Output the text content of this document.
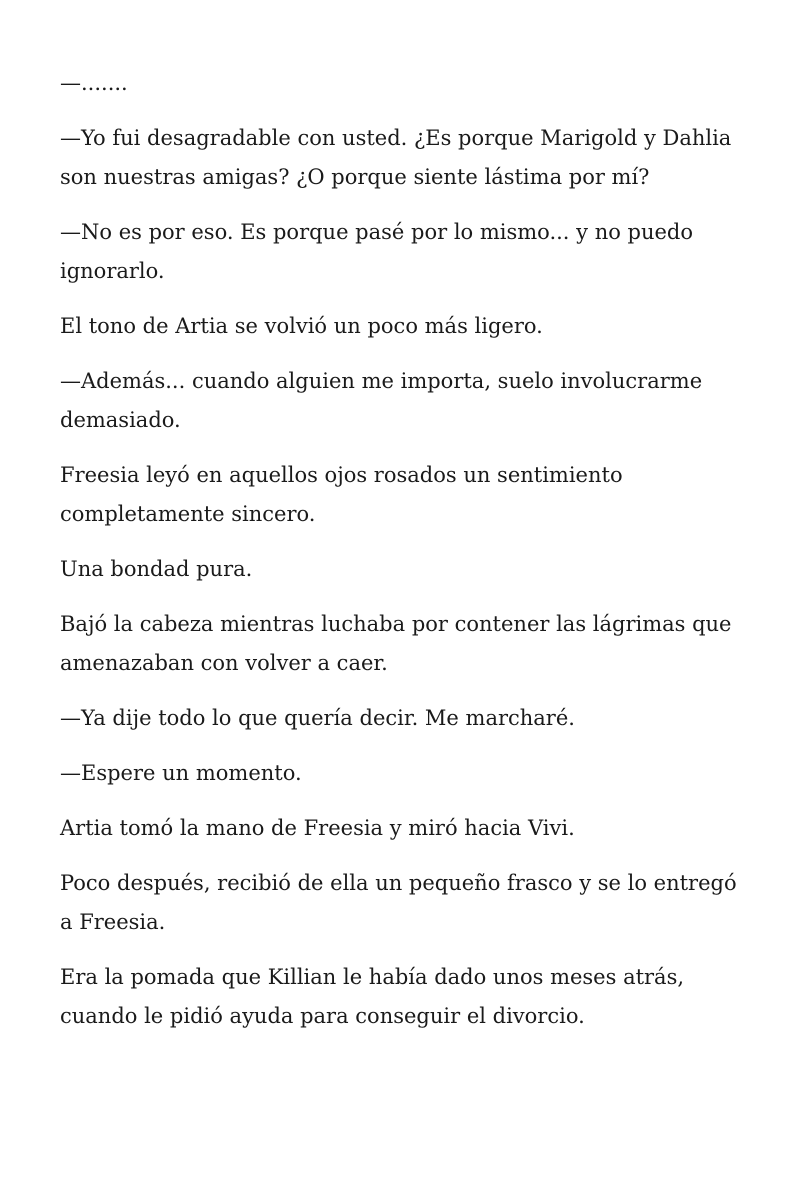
—.......

—Yo fui desagradable con usted. ¿Es porque Marigold y Dahlia son nuestras amigas? ¿O porque siente lástima por mí?

—No es por eso. Es porque pasé por lo mismo... y no puedo ignorarlo.

El tono de Artia se volvió un poco más ligero.

—Además... cuando alguien me importa, suelo involucrarme demasiado.

Freesia leyó en aquellos ojos rosados un sentimiento completamente sincero.

Una bondad pura.

Bajó la cabeza mientras luchaba por contener las lágrimas que amenazaban con volver a caer.

—Ya dije todo lo que quería decir. Me marcharé.

—Espere un momento.

Artia tomó la mano de Freesia y miró hacia Vivi.

Poco después, recibió de ella un pequeño frasco y se lo entregó a Freesia.

Era la pomada que Killian le había dado unos meses atrás, cuando le pidió ayuda para conseguir el divorcio.
